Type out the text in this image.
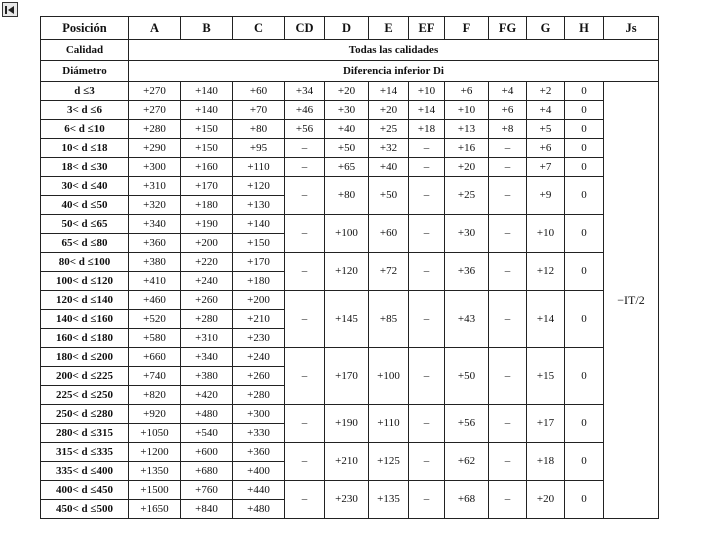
Posición	A	B	C	CD	D	E	EF	F	FG	G	H	Js
Calidad	Todas las calidades											
Diámetro	Diferencia inferior Di											
d ≤3	+270	+140	+60	+34	+20	+14	+10	+6	+4	+2	0	−IT/2
3< d ≤6	+270	+140	+70	+46	+30	+20	+14	+10	+6	+4	0	
6< d ≤10	+280	+150	+80	+56	+40	+25	+18	+13	+8	+5	0	
10< d ≤18	+290	+150	+95	–	+50	+32	–	+16	–	+6	0	
18< d ≤30	+300	+160	+110	–	+65	+40	–	+20	–	+7	0	
30< d ≤40	+310	+170	+120	–	+80	+50	–	+25	–	+9	0	
40< d ≤50	+320	+180	+130									
50< d ≤65	+340	+190	+140	–	+100	+60	–	+30	–	+10	0	
65< d ≤80	+360	+200	+150									
80< d ≤100	+380	+220	+170	–	+120	+72	–	+36	–	+12	0	
100< d ≤120	+410	+240	+180									
120< d ≤140	+460	+260	+200	–	+145	+85	–	+43	–	+14	0	
140< d ≤160	+520	+280	+210									
160< d ≤180	+580	+310	+230									
180< d ≤200	+660	+340	+240	–	+170	+100	–	+50	–	+15	0	
200< d ≤225	+740	+380	+260									
225< d ≤250	+820	+420	+280									
250< d ≤280	+920	+480	+300	–	+190	+110	–	+56	–	+17	0	
280< d ≤315	+1050	+540	+330									
315< d ≤335	+1200	+600	+360	–	+210	+125	–	+62	–	+18	0	
335< d ≤400	+1350	+680	+400									
400< d ≤450	+1500	+760	+440	–	+230	+135	–	+68	–	+20	0	
450< d ≤500	+1650	+840	+480									
